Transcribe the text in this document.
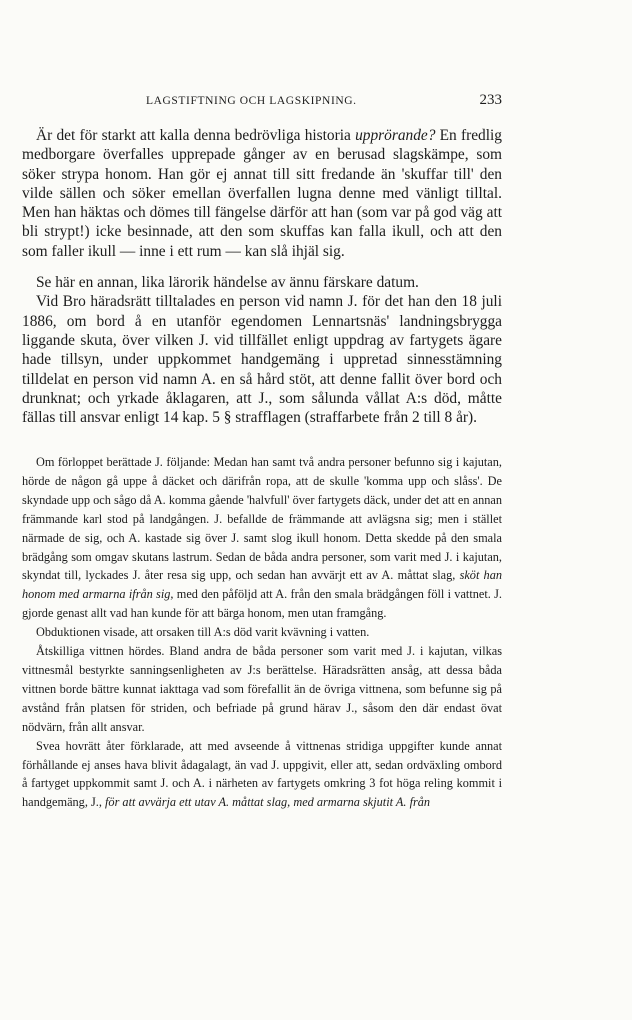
LAGSTIFTNING OCH LAGSKIPNING.	233

Är det för starkt att kalla denna bedrövliga historia upprörande? En fredlig medborgare överfalles upprepade gånger av en berusad slagskämpe, som söker strypa honom. Han gör ej annat till sitt fredande än 'skuffar till' den vilde sällen och söker emellan överfallen lugna denne med vänligt tilltal. Men han häktas och dömes till fängelse därför att han (som var på god väg att bli strypt!) icke besinnade, att den som skuffas kan falla ikull, och att den som faller ikull — inne i ett rum — kan slå ihjäl sig.

Se här en annan, lika lärorik händelse av ännu färskare datum.

Vid Bro häradsrätt tilltalades en person vid namn J. för det han den 18 juli 1886, om bord å en utanför egendomen Lennartsnäs' landningsbrygga liggande skuta, över vilken J. vid tillfället enligt uppdrag av fartygets ägare hade tillsyn, under uppkommet handgemäng i uppretad sinnesstämning tilldelat en person vid namn A. en så hård stöt, att denne fallit över bord och drunknat; och yrkade åklagaren, att J., som sålunda vållat A:s död, måtte fällas till ansvar enligt 14 kap. 5 § strafflagen (straffarbete från 2 till 8 år).

Om förloppet berättade J. följande: Medan han samt två andra personer befunno sig i kajutan, hörde de någon gå uppe å däcket och därifrån ropa, att de skulle 'komma upp och slåss'. De skyndade upp och sågo då A. komma gående 'halvfull' över fartygets däck, under det att en annan främmande karl stod på landgången. J. befallde de främmande att avlägsna sig; men i stället närmade de sig, och A. kastade sig över J. samt slog ikull honom. Detta skedde på den smala brädgång som omgav skutans lastrum. Sedan de båda andra personer, som varit med J. i kajutan, skyndat till, lyckades J. åter resa sig upp, och sedan han avvärjt ett av A. måttat slag, sköt han honom med armarna ifrån sig, med den påföljd att A. från den smala brädgången föll i vattnet. J. gjorde genast allt vad han kunde för att bärga honom, men utan framgång.

Obduktionen visade, att orsaken till A:s död varit kvävning i vatten.

Åtskilliga vittnen hördes. Bland andra de båda personer som varit med J. i kajutan, vilkas vittnesmål bestyrkte sanningsenligheten av J:s berättelse. Häradsrätten ansåg, att dessa båda vittnen borde bättre kunnat iakttaga vad som förefallit än de övriga vittnena, som befunne sig på avstånd från platsen för striden, och befriade på grund härav J., såsom den där endast övat nödvärn, från allt ansvar.

Svea hovrätt åter förklarade, att med avseende å vittnenas stridiga uppgifter kunde annat förhållande ej anses hava blivit ådagalagt, än vad J. uppgivit, eller att, sedan ordväxling ombord å fartyget uppkommit samt J. och A. i närheten av fartygets omkring 3 fot höga reling kommit i handgemäng, J., för att avvärja ett utav A. måttat slag, med armarna skjutit A. från
